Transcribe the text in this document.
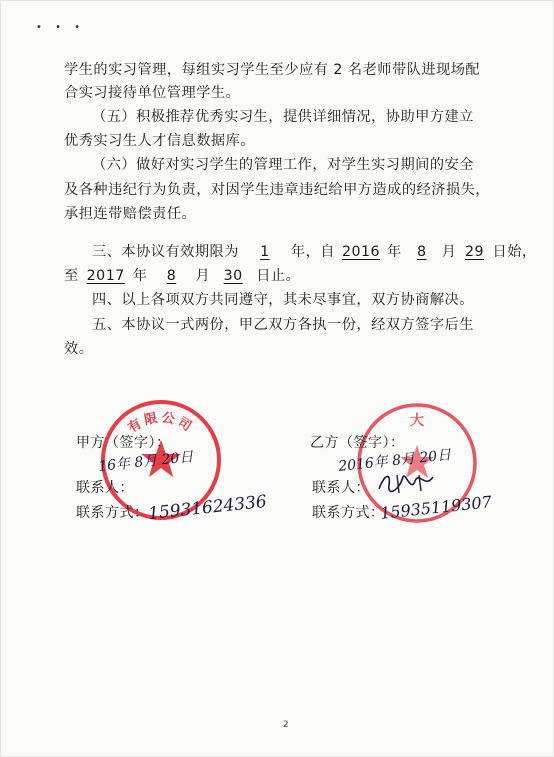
• • •
学生的实习管理，每组实习学生至少应有 2 名老师带队进现场配
合实习接待单位管理学生。
（五）积极推荐优秀实习生，提供详细情况，协助甲方建立
优秀实习生人才信息数据库。
（六）做好对实习学生的管理工作，对学生实习期间的安全
及各种违纪行为负责，对因学生违章违纪给甲方造成的经济损失，
承担连带赔偿责任。
三、本协议有效期限为 1 年，自 2016 年 8 月 29 日始，
至 2017 年 8 月 30 日止。
四、以上各项双方共同遵守，其未尽事宜，双方协商解决。
五、本协议一式两份，甲乙双方各执一份，经双方签字后生
效。
有限公司	大
甲方（签字）：
16年 8月 20日
联系人：
联系方式：
15931624336
乙方（签字）：
2016年 8月 20日
联系人：
联系方式：
15935119307
2
